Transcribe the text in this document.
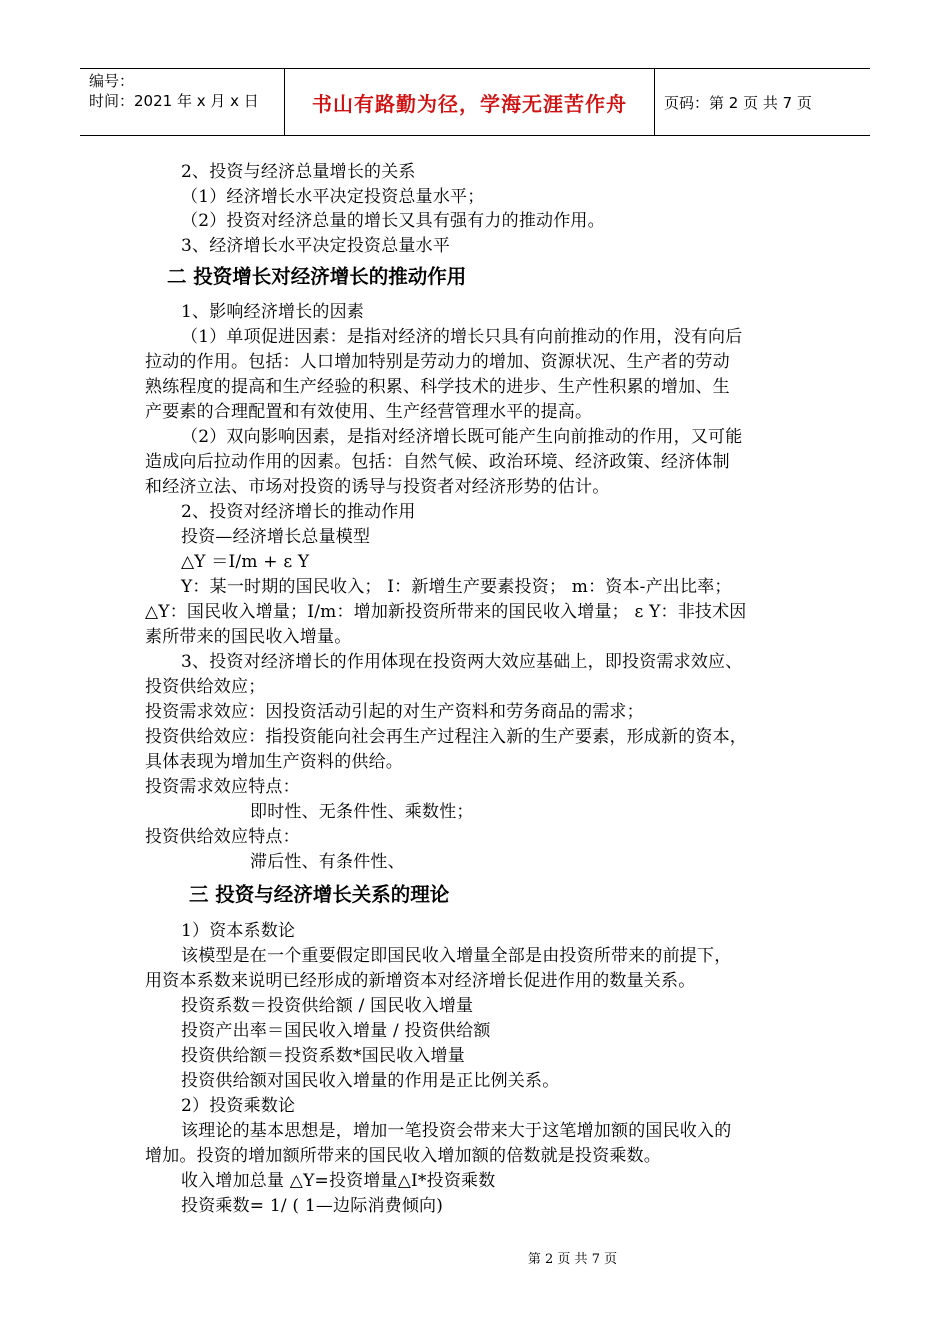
编号：
时间：2021 年 x 月 x 日	书山有路勤为径，学海无涯苦作舟	页码：第 2 页 共 7 页
2、投资与经济总量增长的关系
（1）经济增长水平决定投资总量水平；
（2）投资对经济总量的增长又具有强有力的推动作用。
3、经济增长水平决定投资总量水平
二 投资增长对经济增长的推动作用
1、影响经济增长的因素
（1）单项促进因素：是指对经济的增长只具有向前推动的作用，没有向后
拉动的作用。包括：人口增加特别是劳动力的增加、资源状况、生产者的劳动
熟练程度的提高和生产经验的积累、科学技术的进步、生产性积累的增加、生
产要素的合理配置和有效使用、生产经营管理水平的提高。
（2）双向影响因素，是指对经济增长既可能产生向前推动的作用，又可能
造成向后拉动作用的因素。包括：自然气候、政治环境、经济政策、经济体制
和经济立法、市场对投资的诱导与投资者对经济形势的估计。
2、投资对经济增长的推动作用
投资—经济增长总量模型
△Y ＝I/m + ε Y
Y：某一时期的国民收入； I：新增生产要素投资； m：资本-产出比率；
△Y：国民收入增量；I/m：增加新投资所带来的国民收入增量； ε Y：非技术因
素所带来的国民收入增量。
3、投资对经济增长的作用体现在投资两大效应基础上，即投资需求效应、
投资供给效应；
投资需求效应：因投资活动引起的对生产资料和劳务商品的需求；
投资供给效应：指投资能向社会再生产过程注入新的生产要素，形成新的资本，
具体表现为增加生产资料的供给。
投资需求效应特点：
即时性、无条件性、乘数性；
投资供给效应特点：
滞后性、有条件性、
三 投资与经济增长关系的理论
1）资本系数论
该模型是在一个重要假定即国民收入增量全部是由投资所带来的前提下，
用资本系数来说明已经形成的新增资本对经济增长促进作用的数量关系。
投资系数＝投资供给额 / 国民收入增量
投资产出率＝国民收入增量 / 投资供给额
投资供给额＝投资系数*国民收入增量
投资供给额对国民收入增量的作用是正比例关系。
2）投资乘数论
该理论的基本思想是，增加一笔投资会带来大于这笔增加额的国民收入的
增加。投资的增加额所带来的国民收入增加额的倍数就是投资乘数。
收入增加总量 △Y=投资增量△I*投资乘数
投资乘数= 1/ ( 1—边际消费倾向)
第 2 页 共 7 页
